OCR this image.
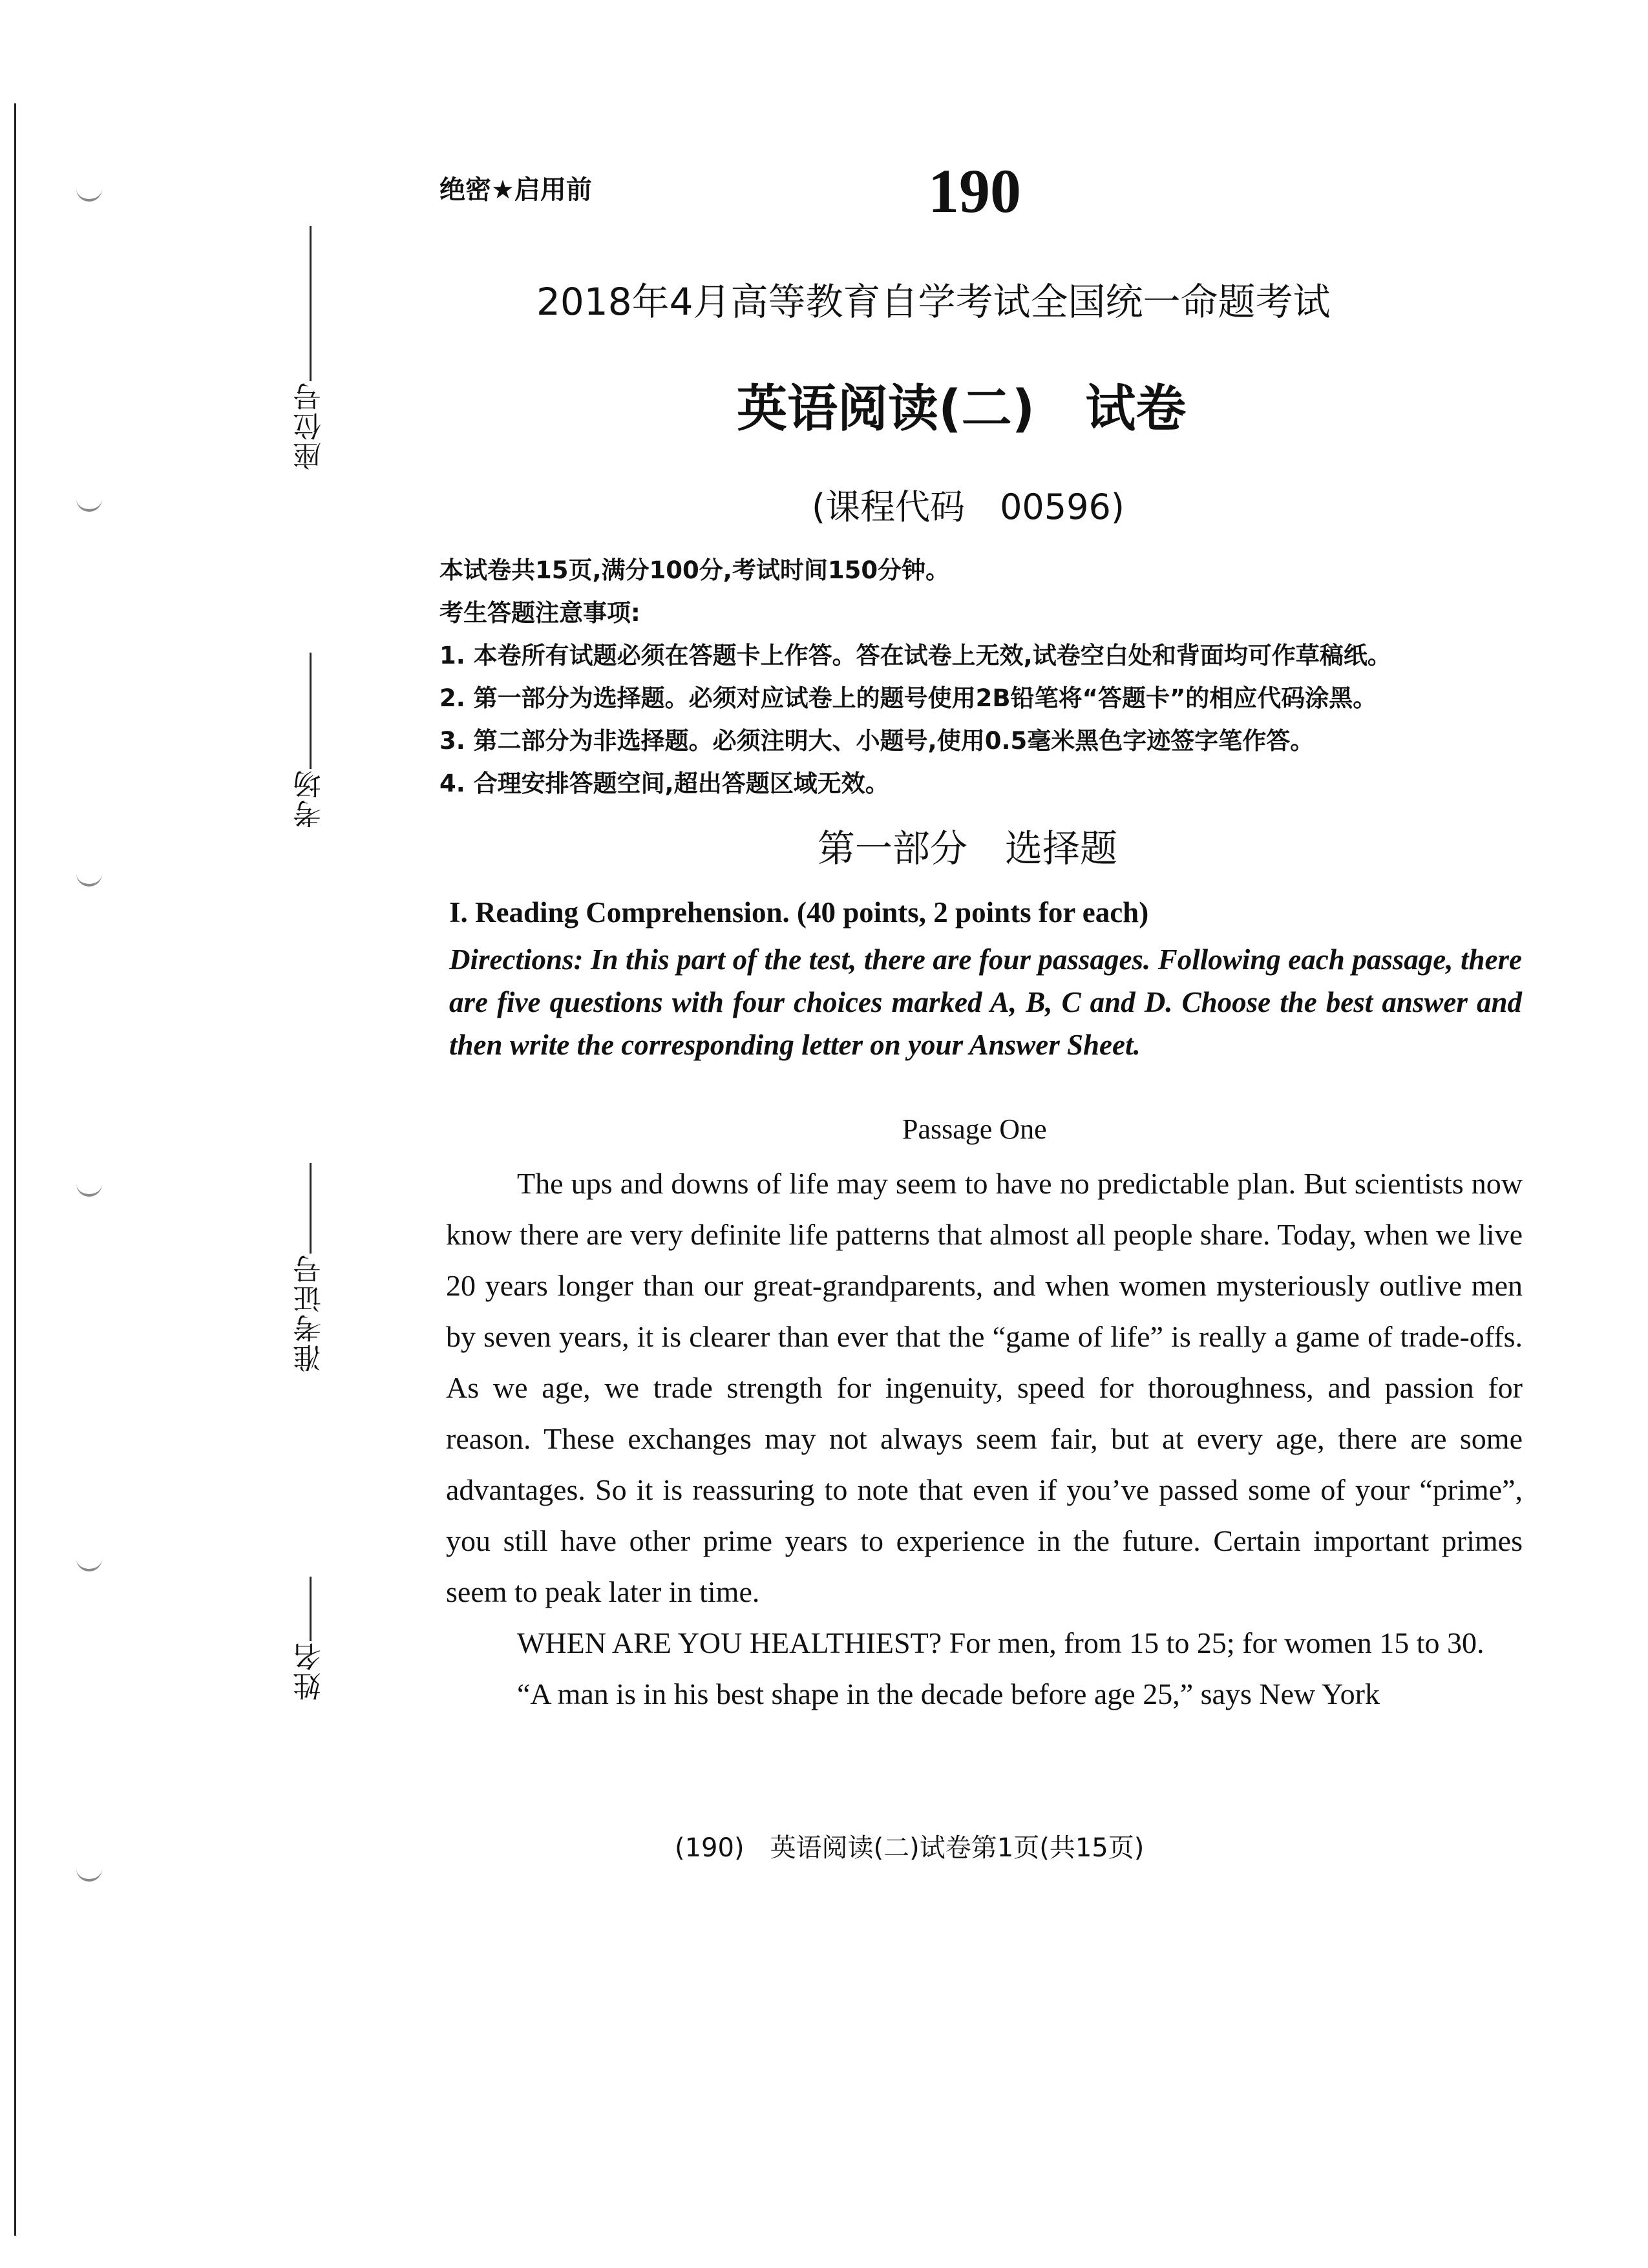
座位号
考场
准考证号
姓名
绝密★启用前	190
2018年4月高等教育自学考试全国统一命题考试
英语阅读(二)　试卷
(课程代码　00596)
本试卷共15页,满分100分,考试时间150分钟。
考生答题注意事项:
1. 本卷所有试题必须在答题卡上作答。答在试卷上无效,试卷空白处和背面均可作草稿纸。
2. 第一部分为选择题。必须对应试卷上的题号使用2B铅笔将“答题卡”的相应代码涂黑。
3. 第二部分为非选择题。必须注明大、小题号,使用0.5毫米黑色字迹签字笔作答。
4. 合理安排答题空间,超出答题区域无效。
第一部分　选择题
I. Reading Comprehension. (40 points, 2 points for each)
Directions: In this part of the test, there are four passages. Following each passage, there are five questions with four choices marked A, B, C and D. Choose the best answer and then write the corresponding letter on your Answer Sheet.
Passage One

The ups and downs of life may seem to have no predictable plan. But scientists now know there are very definite life patterns that almost all people share. Today, when we live 20 years longer than our great-grandparents, and when women mysteriously outlive men by seven years, it is clearer than ever that the “game of life” is really a game of trade-offs. As we age, we trade strength for ingenuity, speed for thoroughness, and passion for reason. These exchanges may not always seem fair, but at every age, there are some advantages. So it is reassuring to note that even if you’ve passed some of your “prime”, you still have other prime years to experience in the future. Certain important primes seem to peak later in time.

WHEN ARE YOU HEALTHIEST? For men, from 15 to 25; for women 15 to 30.

“A man is in his best shape in the decade before age 25,” says New York

(190)　英语阅读(二)试卷第1页(共15页)
